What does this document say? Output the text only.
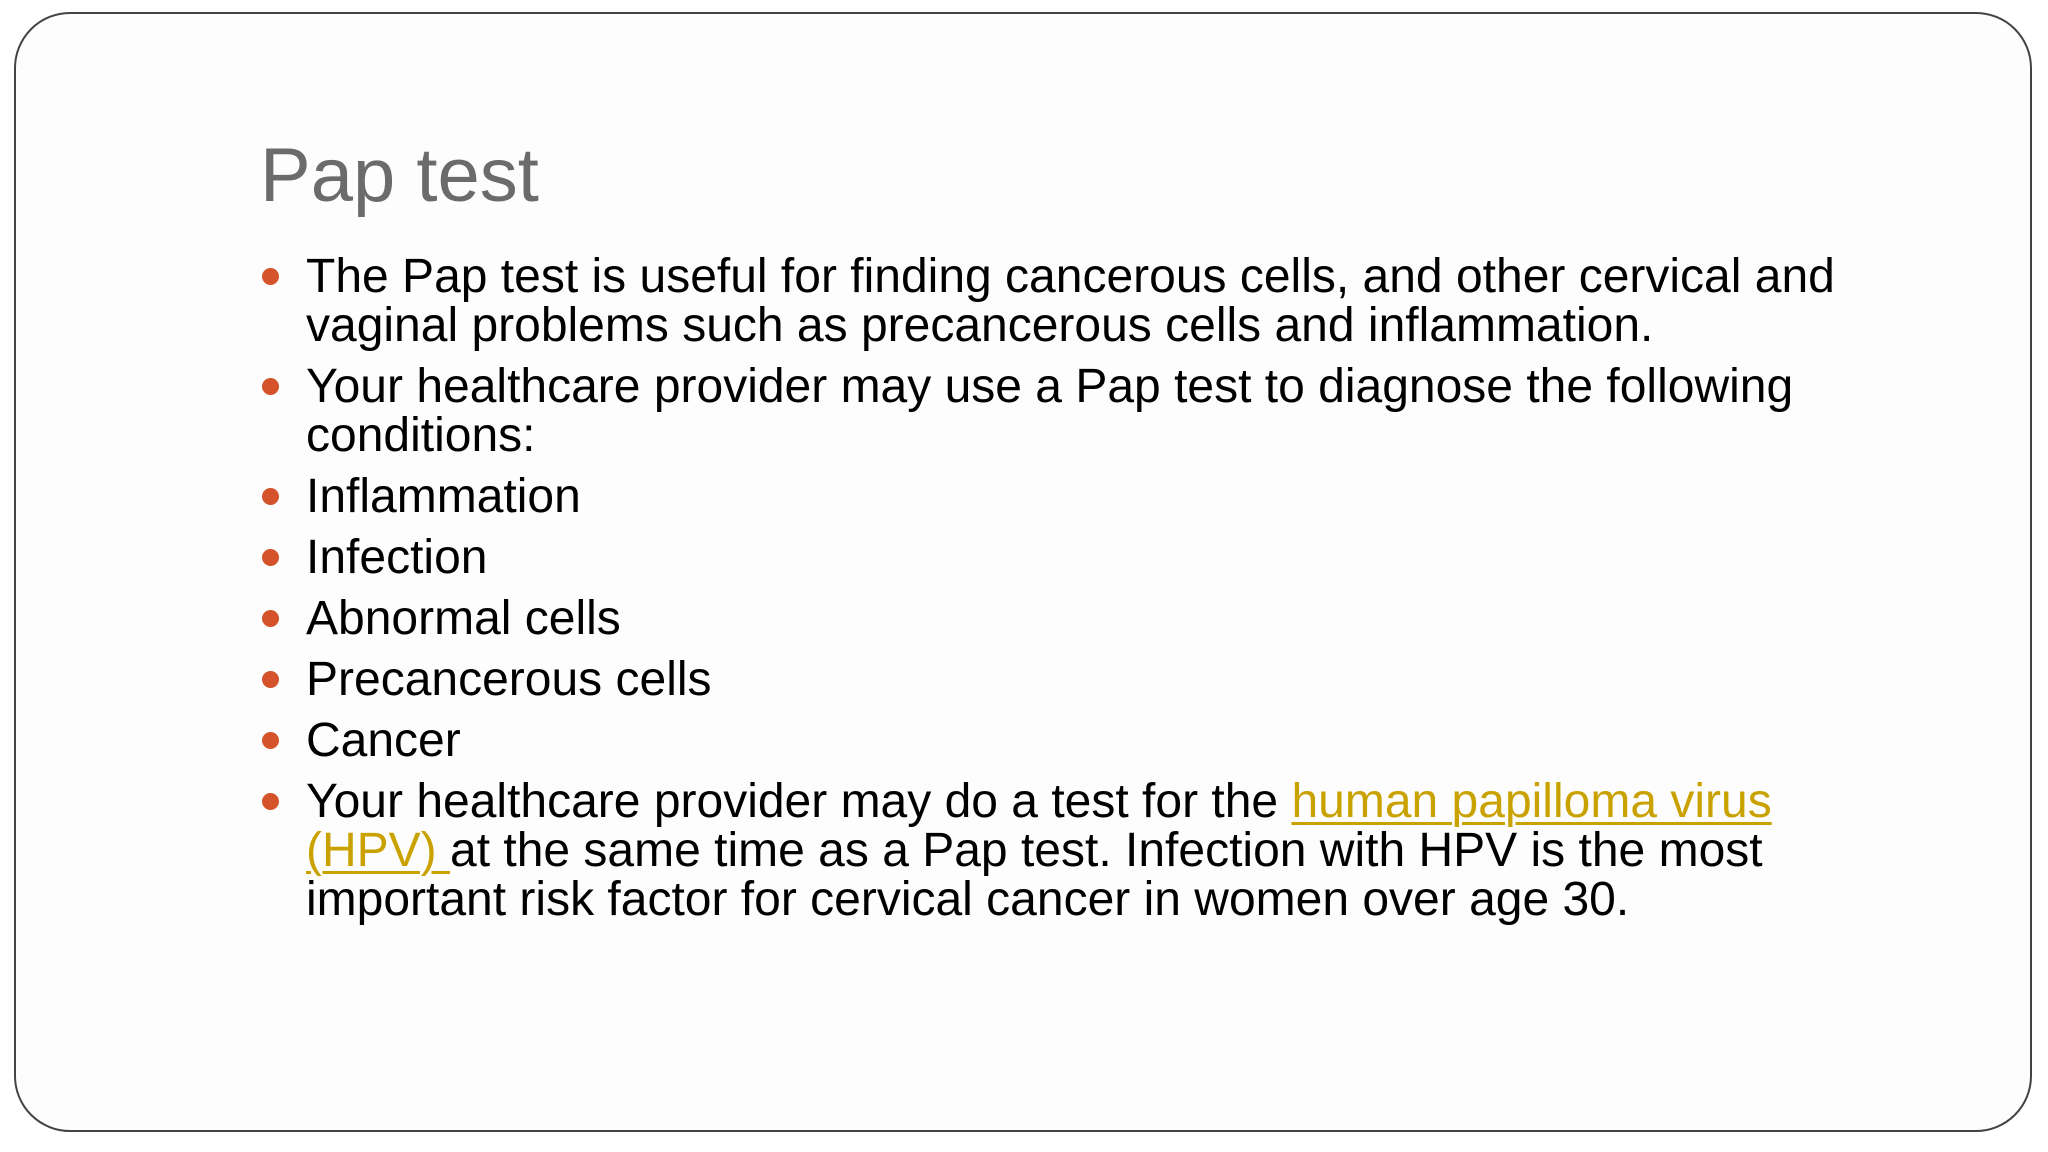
Pap test
The Pap test is useful for finding cancerous cells, and other cervical and vaginal problems such as precancerous cells and inflammation.
Your healthcare provider may use a Pap test to diagnose the following conditions:
Inflammation
Infection
Abnormal cells
Precancerous cells
Cancer
Your healthcare provider may do a test for the human papilloma virus (HPV) at the same time as a Pap test. Infection with HPV is the most important risk factor for cervical cancer in women over age 30.
